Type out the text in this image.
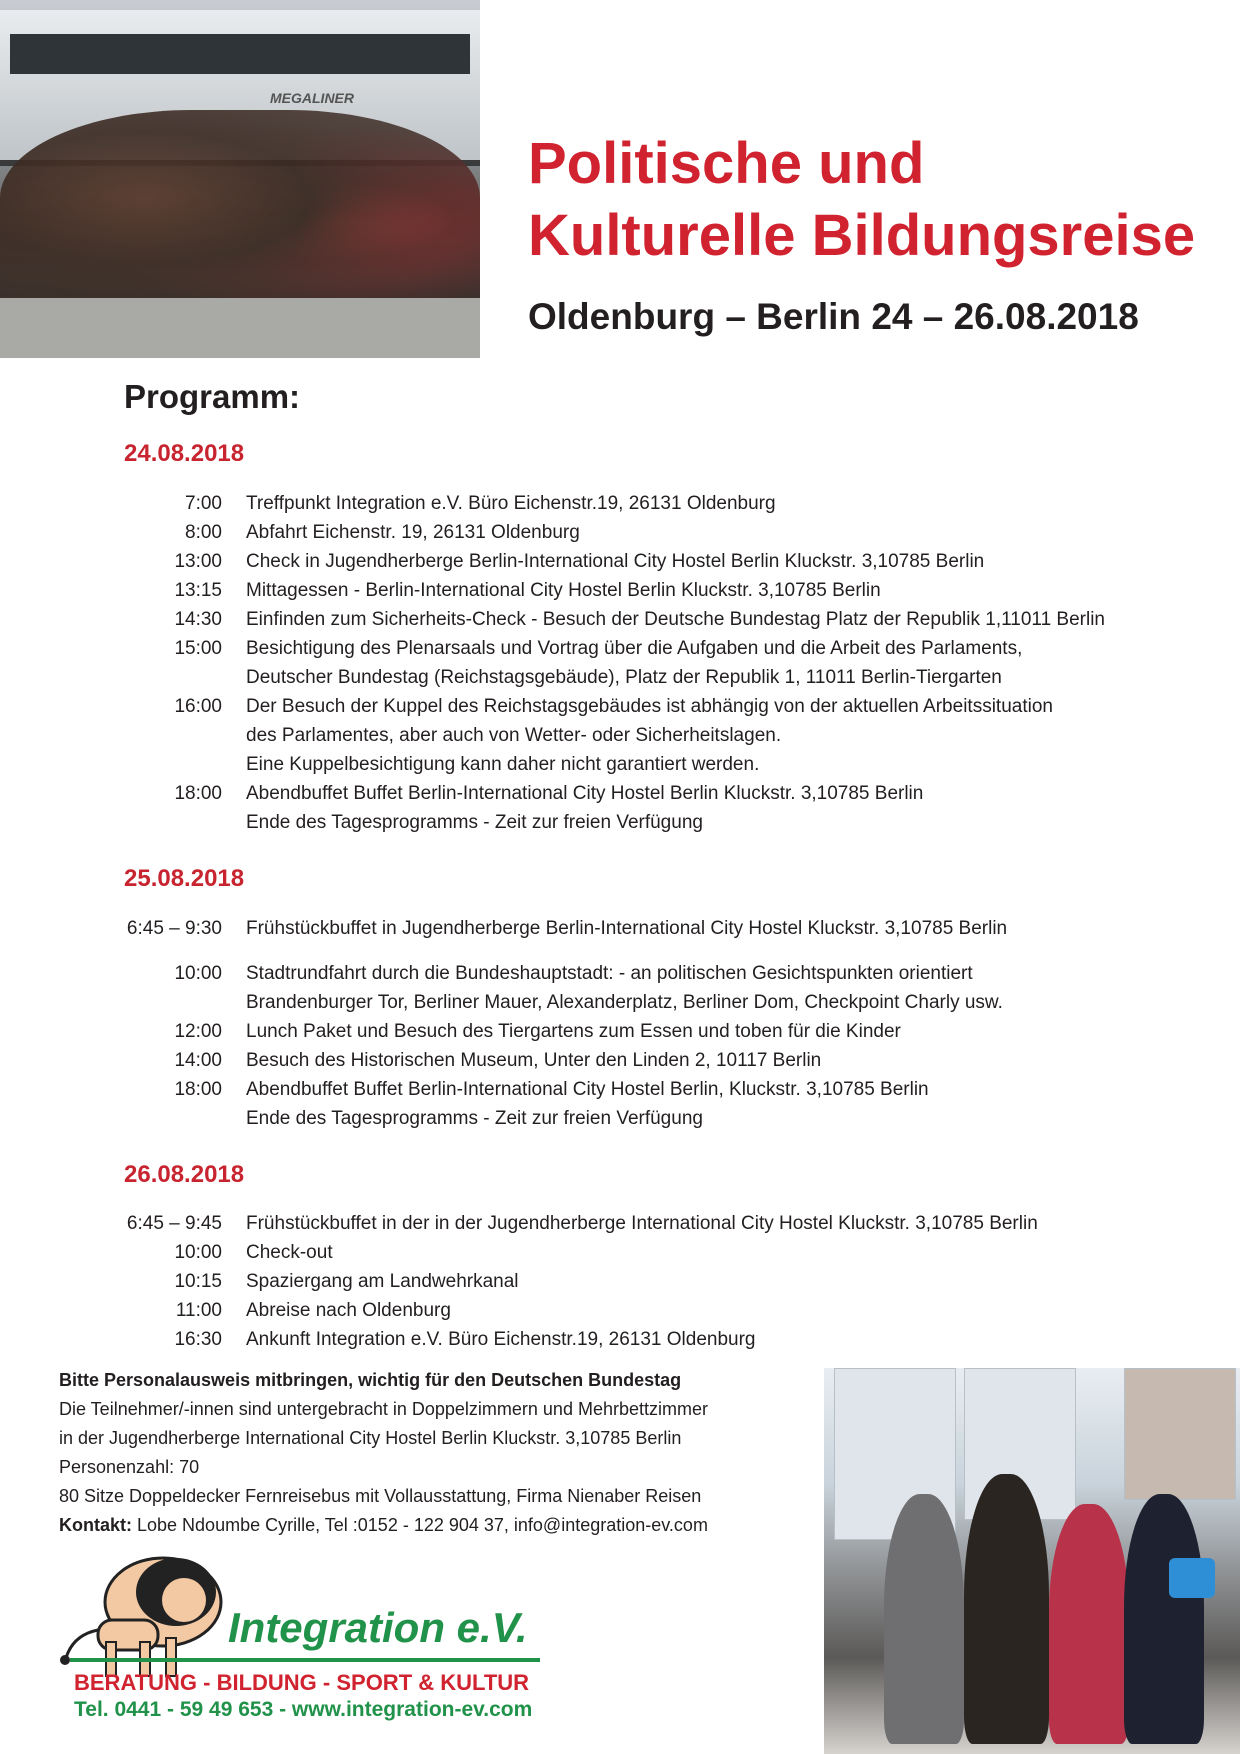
MEGALINER
Politische und
Kulturelle Bildungsreise
Oldenburg – Berlin 24 – 26.08.2018
Programm:
24.08.2018
7:00	Treffpunkt Integration e.V. Büro Eichenstr.19, 26131 Oldenburg
8:00	Abfahrt Eichenstr. 19, 26131 Oldenburg
13:00	Check in Jugendherberge Berlin-International City Hostel Berlin Kluckstr. 3,10785 Berlin
13:15	Mittagessen - Berlin-International City Hostel Berlin Kluckstr. 3,10785 Berlin
14:30	Einfinden zum Sicherheits-Check - Besuch der Deutsche Bundestag Platz der Republik 1,11011 Berlin
15:00	Besichtigung des Plenarsaals und Vortrag über die Aufgaben und die Arbeit des Parlaments,
Deutscher Bundestag (Reichstagsgebäude), Platz der Republik 1, 11011 Berlin-Tiergarten
16:00	Der Besuch der Kuppel des Reichstagsgebäudes ist abhängig von der aktuellen Arbeitssituation
des Parlamentes, aber auch von Wetter- oder Sicherheitslagen.
Eine Kuppelbesichtigung kann daher nicht garantiert werden.
18:00	Abendbuffet Buffet Berlin-International City Hostel Berlin Kluckstr. 3,10785 Berlin
Ende des Tagesprogramms - Zeit zur freien Verfügung
25.08.2018
6:45 – 9:30	Frühstückbuffet in Jugendherberge Berlin-International City Hostel Kluckstr. 3,10785 Berlin
10:00	Stadtrundfahrt durch die Bundeshauptstadt: - an politischen Gesichtspunkten orientiert
Brandenburger Tor, Berliner Mauer, Alexanderplatz, Berliner Dom, Checkpoint Charly usw.
12:00	Lunch Paket und Besuch des Tiergartens zum Essen und toben für die Kinder
14:00	Besuch des Historischen Museum, Unter den Linden 2, 10117 Berlin
18:00	Abendbuffet Buffet Berlin-International City Hostel Berlin, Kluckstr. 3,10785 Berlin
Ende des Tagesprogramms - Zeit zur freien Verfügung
26.08.2018
6:45 – 9:45	Frühstückbuffet in der in der Jugendherberge International City Hostel Kluckstr. 3,10785 Berlin
10:00	Check-out
10:15	Spaziergang am Landwehrkanal
11:00	Abreise nach Oldenburg
16:30	Ankunft Integration e.V. Büro Eichenstr.19, 26131 Oldenburg
Bitte Personalausweis mitbringen, wichtig für den Deutschen Bundestag
Die Teilnehmer/-innen sind untergebracht in Doppelzimmern und Mehrbettzimmer
in der Jugendherberge International City Hostel Berlin Kluckstr. 3,10785 Berlin
Personenzahl: 70
80 Sitze Doppeldecker Fernreisebus mit Vollausstattung, Firma Nienaber Reisen
Kontakt: Lobe Ndoumbe Cyrille, Tel :0152 - 122 904 37, info@integration-ev.com
Integration e.V.
BERATUNG - BILDUNG - SPORT & KULTUR
Tel. 0441 - 59 49 653 - www.integration-ev.com
